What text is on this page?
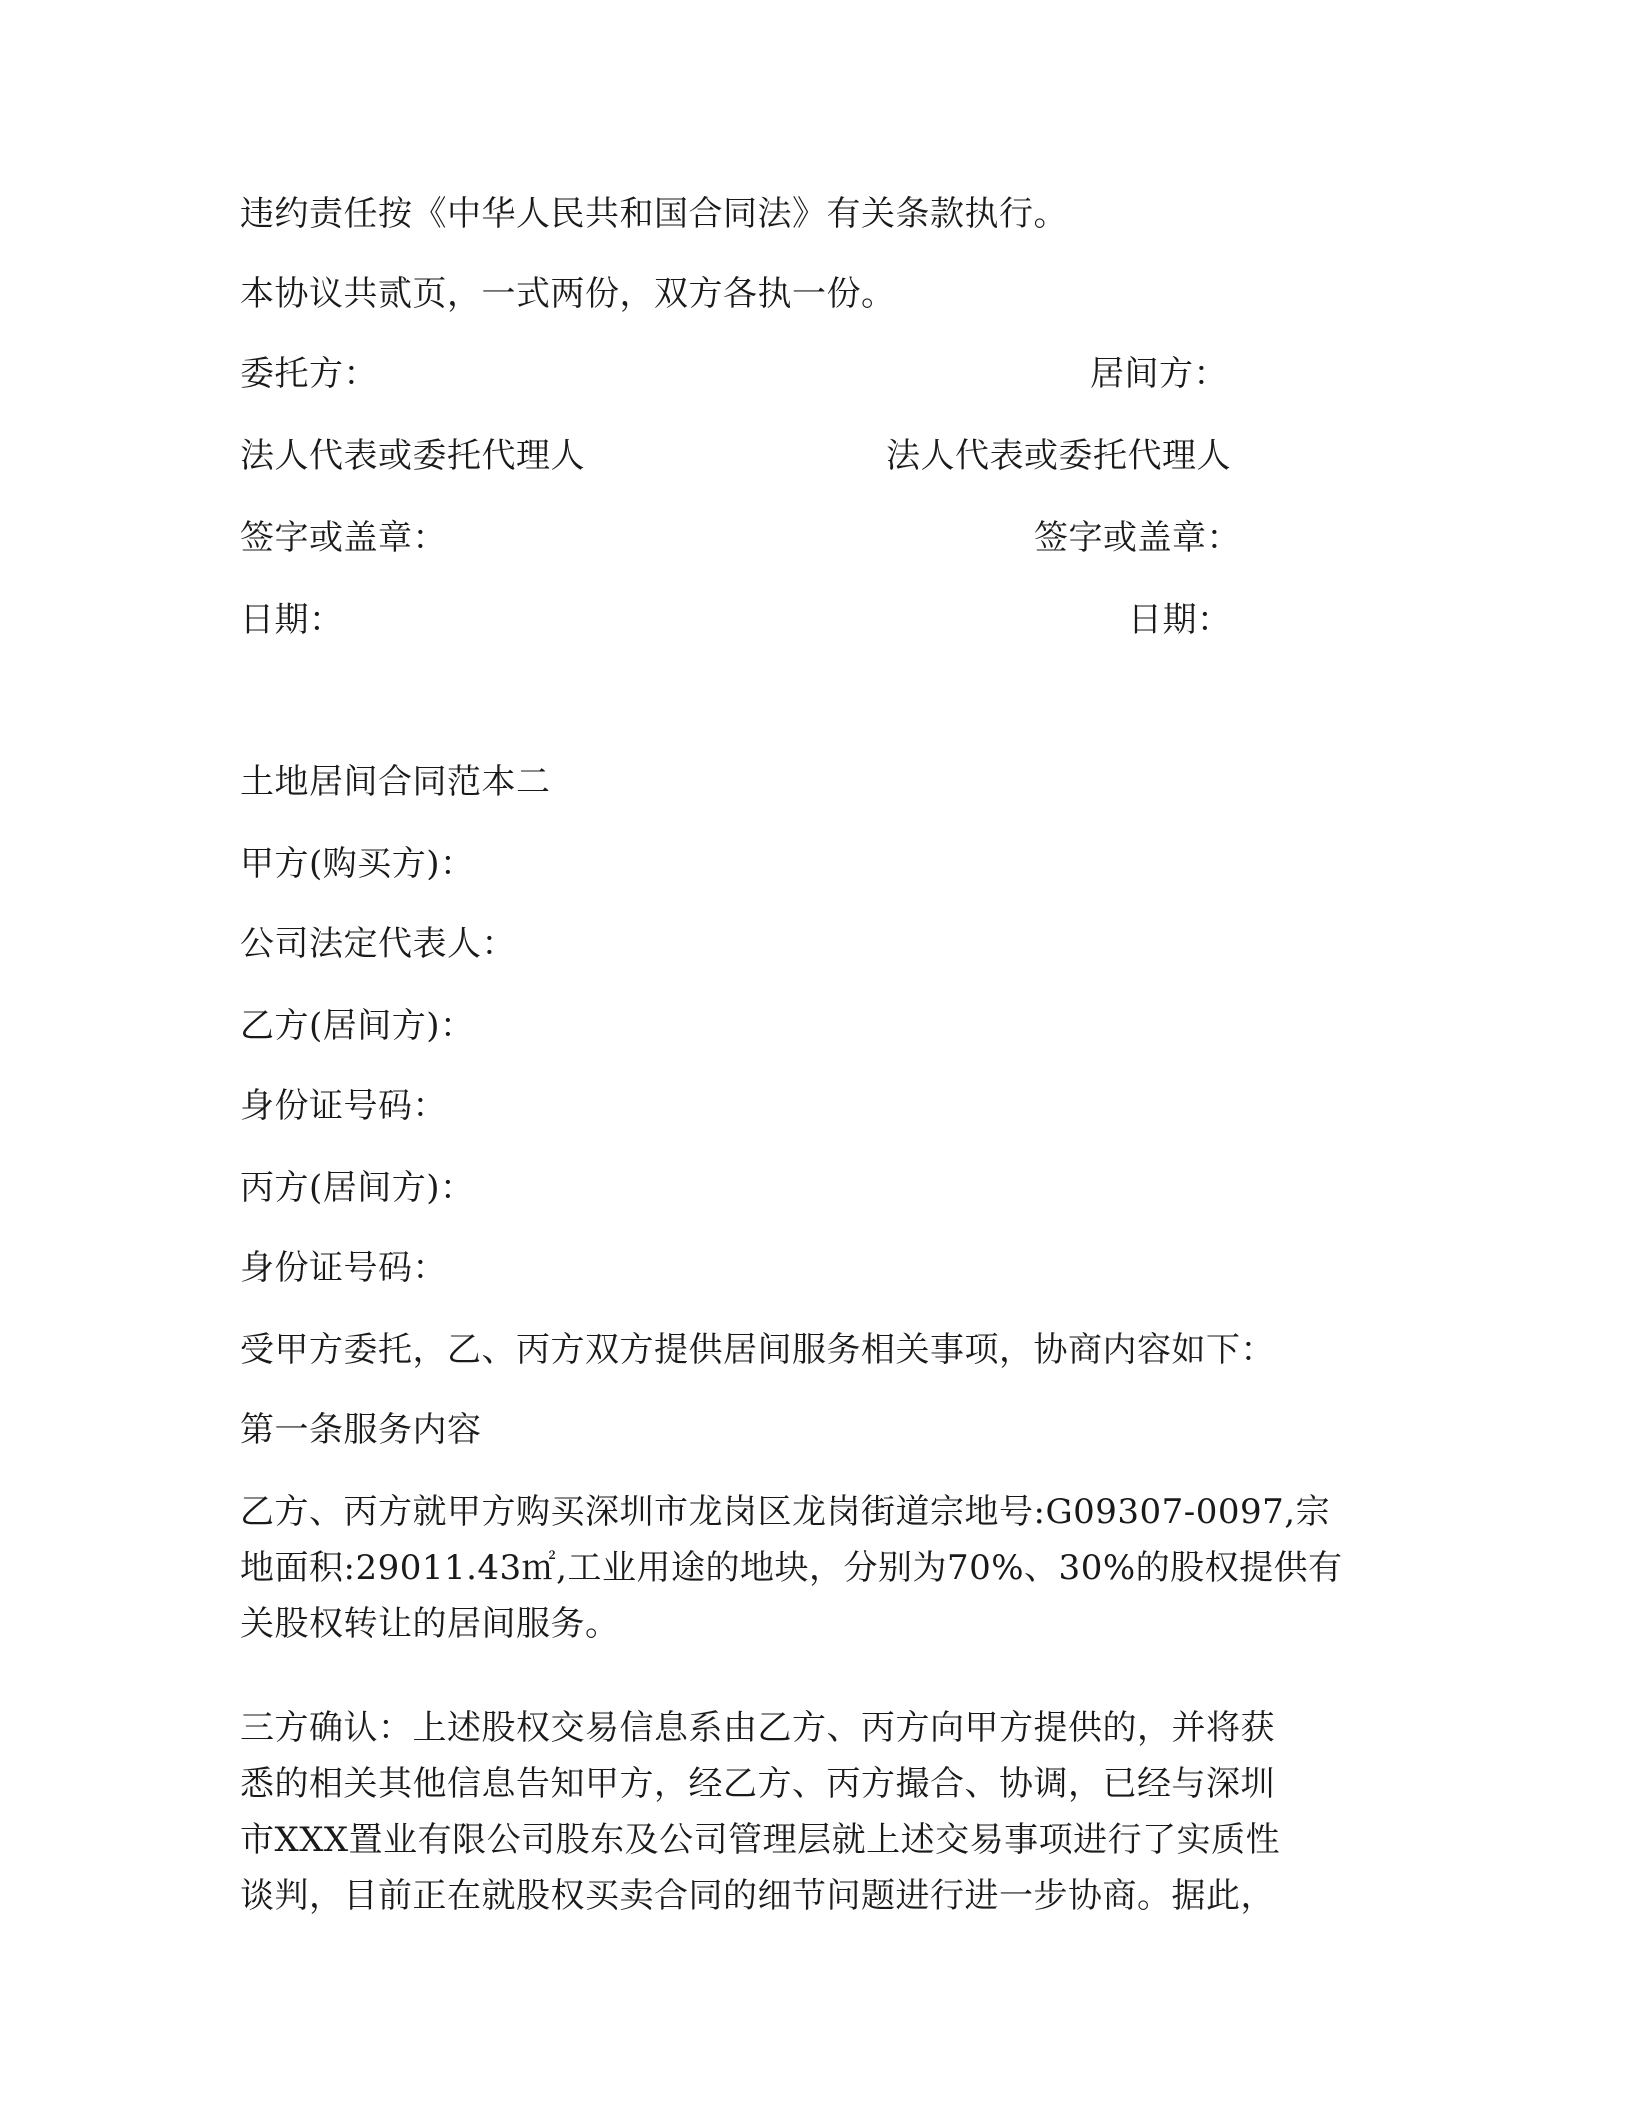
违约责任按《中华人民共和国合同法》有关条款执行。
本协议共贰页，一式两份，双方各执一份。
委托方：	居间方：
法人代表或委托代理人	法人代表或委托代理人
签字或盖章：	签字或盖章：
日期：	日期：
土地居间合同范本二
甲方(购买方)：
公司法定代表人：
乙方(居间方)：
身份证号码：
丙方(居间方)：
身份证号码：
受甲方委托，乙、丙方双方提供居间服务相关事项，协商内容如下：
第一条服务内容
乙方、丙方就甲方购买深圳市龙岗区龙岗街道宗地号:G09307-0097,宗
地面积:29011.43㎡,工业用途的地块，分别为70%、30%的股权提供有
关股权转让的居间服务。
三方确认：上述股权交易信息系由乙方、丙方向甲方提供的，并将获
悉的相关其他信息告知甲方，经乙方、丙方撮合、协调，已经与深圳
市XXX置业有限公司股东及公司管理层就上述交易事项进行了实质性
谈判，目前正在就股权买卖合同的细节问题进行进一步协商。据此，
